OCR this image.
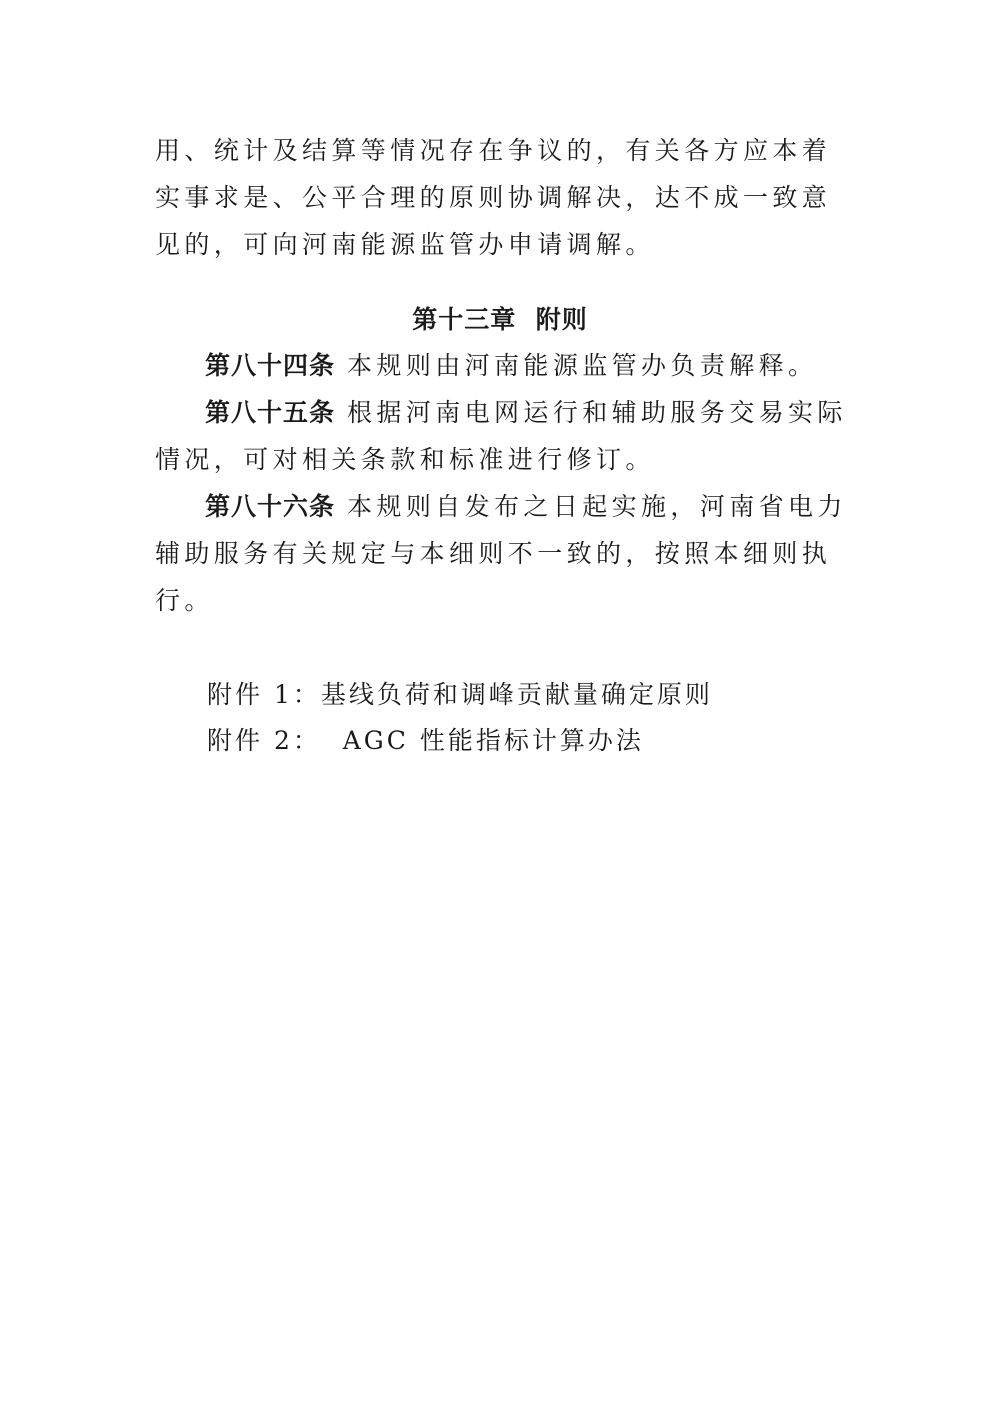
用、统计及结算等情况存在争议的，有关各方应本着实事求是、公平合理的原则协调解决，达不成一致意见的，可向河南能源监管办申请调解。

第十三章  附则

第八十四条 本规则由河南能源监管办负责解释。

第八十五条 根据河南电网运行和辅助服务交易实际情况，可对相关条款和标准进行修订。

第八十六条 本规则自发布之日起实施，河南省电力辅助服务有关规定与本细则不一致的，按照本细则执行。

附件 1：基线负荷和调峰贡献量确定原则

附件 2：  AGC 性能指标计算办法
